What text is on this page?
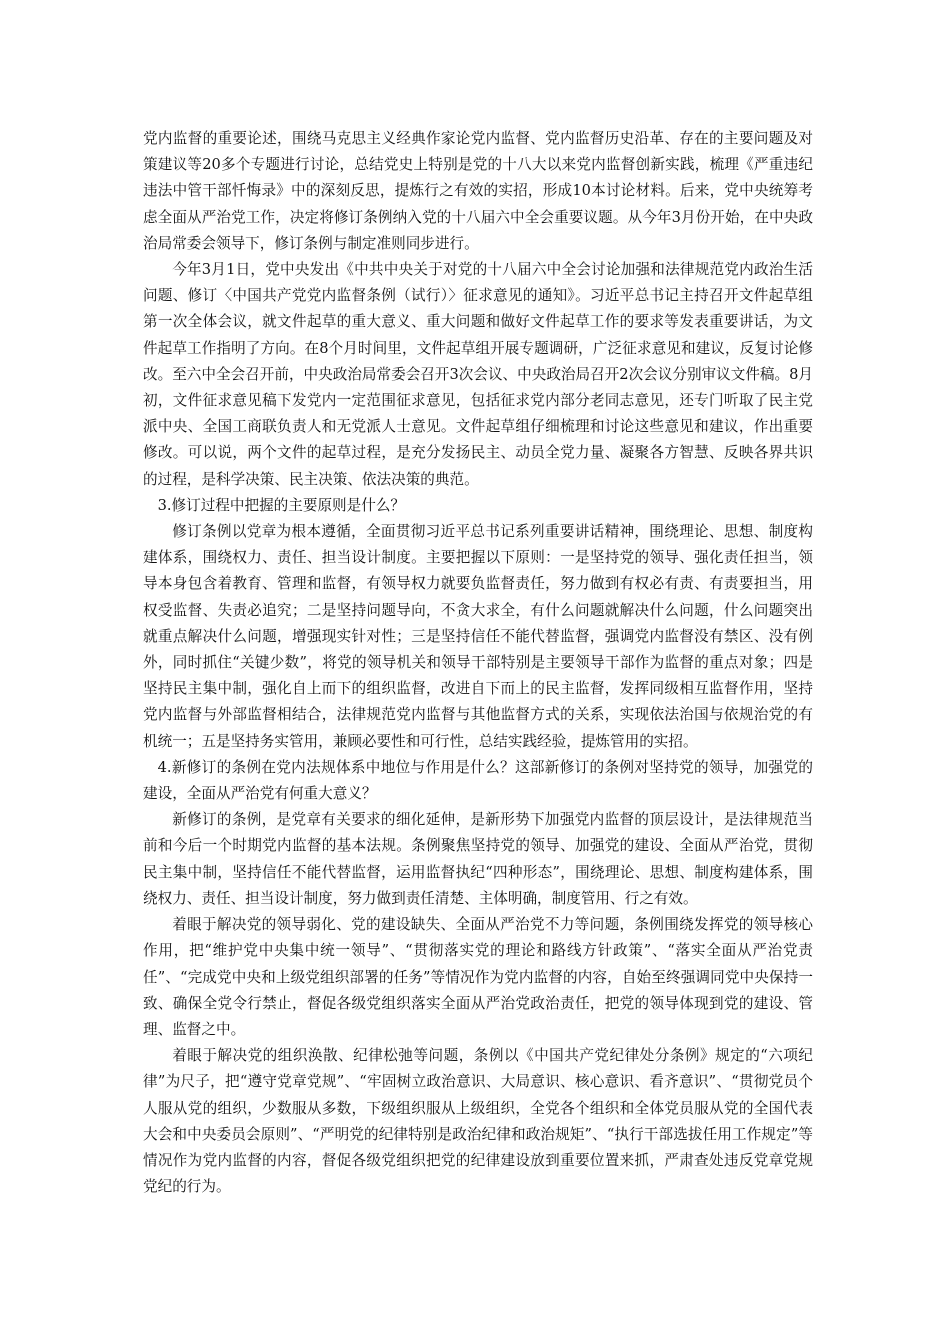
党内监督的重要论述，围绕马克思主义经典作家论党内监督、党内监督历史沿革、存在的主要问题及对策建议等20多个专题进行讨论，总结党史上特别是党的十八大以来党内监督创新实践，梳理《严重违纪违法中管干部忏悔录》中的深刻反思，提炼行之有效的实招，形成10本讨论材料。后来，党中央统筹考虑全面从严治党工作，决定将修订条例纳入党的十八届六中全会重要议题。从今年3月份开始，在中央政治局常委会领导下，修订条例与制定准则同步进行。

今年3月1日，党中央发出《中共中央关于对党的十八届六中全会讨论加强和法律规范党内政治生活问题、修订〈中国共产党党内监督条例（试行）〉征求意见的通知》。习近平总书记主持召开文件起草组第一次全体会议，就文件起草的重大意义、重大问题和做好文件起草工作的要求等发表重要讲话，为文件起草工作指明了方向。在8个月时间里，文件起草组开展专题调研，广泛征求意见和建议，反复讨论修改。至六中全会召开前，中央政治局常委会召开3次会议、中央政治局召开2次会议分别审议文件稿。8月初，文件征求意见稿下发党内一定范围征求意见，包括征求党内部分老同志意见，还专门听取了民主党派中央、全国工商联负责人和无党派人士意见。文件起草组仔细梳理和讨论这些意见和建议，作出重要修改。可以说，两个文件的起草过程，是充分发扬民主、动员全党力量、凝聚各方智慧、反映各界共识的过程，是科学决策、民主决策、依法决策的典范。

3.修订过程中把握的主要原则是什么？

修订条例以党章为根本遵循，全面贯彻习近平总书记系列重要讲话精神，围绕理论、思想、制度构建体系，围绕权力、责任、担当设计制度。主要把握以下原则：一是坚持党的领导、强化责任担当，领导本身包含着教育、管理和监督，有领导权力就要负监督责任，努力做到有权必有责、有责要担当，用权受监督、失责必追究；二是坚持问题导向，不贪大求全，有什么问题就解决什么问题，什么问题突出就重点解决什么问题，增强现实针对性；三是坚持信任不能代替监督，强调党内监督没有禁区、没有例外，同时抓住“关键少数”，将党的领导机关和领导干部特别是主要领导干部作为监督的重点对象；四是坚持民主集中制，强化自上而下的组织监督，改进自下而上的民主监督，发挥同级相互监督作用，坚持党内监督与外部监督相结合，法律规范党内监督与其他监督方式的关系，实现依法治国与依规治党的有机统一；五是坚持务实管用，兼顾必要性和可行性，总结实践经验，提炼管用的实招。

4.新修订的条例在党内法规体系中地位与作用是什么？这部新修订的条例对坚持党的领导，加强党的建设，全面从严治党有何重大意义？

新修订的条例，是党章有关要求的细化延伸，是新形势下加强党内监督的顶层设计，是法律规范当前和今后一个时期党内监督的基本法规。条例聚焦坚持党的领导、加强党的建设、全面从严治党，贯彻民主集中制，坚持信任不能代替监督，运用监督执纪“四种形态”，围绕理论、思想、制度构建体系，围绕权力、责任、担当设计制度，努力做到责任清楚、主体明确，制度管用、行之有效。

着眼于解决党的领导弱化、党的建设缺失、全面从严治党不力等问题，条例围绕发挥党的领导核心作用，把“维护党中央集中统一领导”、“贯彻落实党的理论和路线方针政策”、“落实全面从严治党责任”、“完成党中央和上级党组织部署的任务”等情况作为党内监督的内容，自始至终强调同党中央保持一致、确保全党令行禁止，督促各级党组织落实全面从严治党政治责任，把党的领导体现到党的建设、管理、监督之中。

着眼于解决党的组织涣散、纪律松弛等问题，条例以《中国共产党纪律处分条例》规定的“六项纪律”为尺子，把“遵守党章党规”、“牢固树立政治意识、大局意识、核心意识、看齐意识”、“贯彻党员个人服从党的组织，少数服从多数，下级组织服从上级组织，全党各个组织和全体党员服从党的全国代表大会和中央委员会原则”、“严明党的纪律特别是政治纪律和政治规矩”、“执行干部选拔任用工作规定”等情况作为党内监督的内容，督促各级党组织把党的纪律建设放到重要位置来抓，严肃查处违反党章党规党纪的行为。
